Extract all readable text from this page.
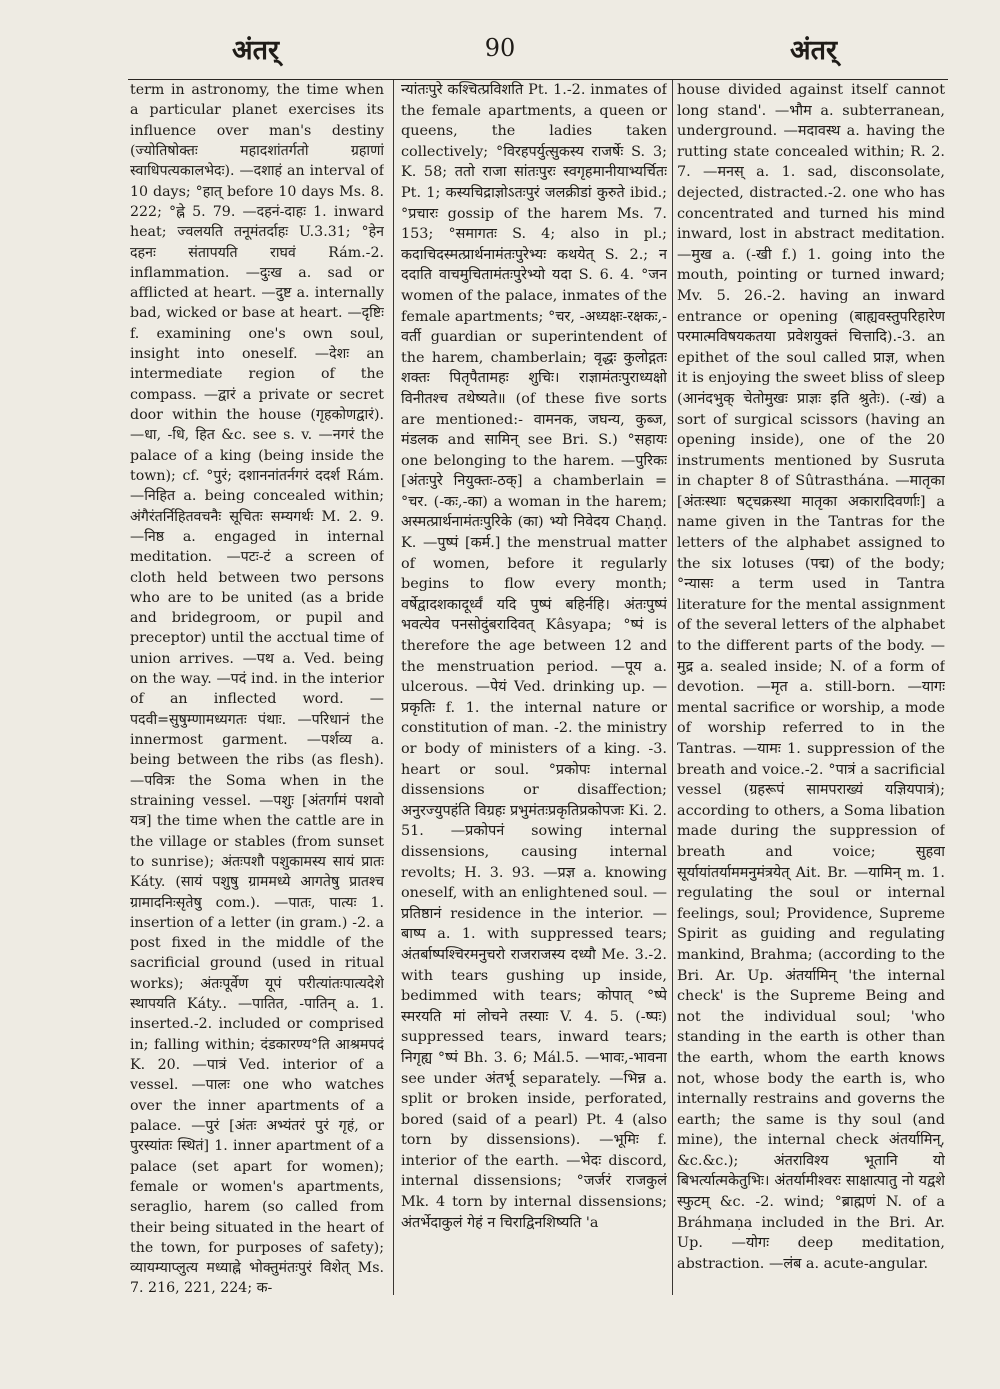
अंतर्	90	अंतर्

term in astronomy, the time when a particular planet exercises its influence over man's destiny (ज्योतिषोक्तः महादशांतर्गतो ग्रहाणां स्वाधिपत्यकालभेदः). —दशाहं an interval of 10 days; °हात् before 10 days Ms. 8. 222; °ह्ने 5. 79. —दहनं-दाहः 1. inward heat; ज्वलयति तनूमंतर्दाहः U.3.31; °हेन दहनः संतापयति राघवं Rám.-2. inflammation. —दुःख a. sad or afflicted at heart. —दुष्ट a. internally bad, wicked or base at heart. —दृष्टिः f. examining one's own soul, insight into oneself. —देशः an intermediate region of the compass. —द्वारं a private or secret door within the house (गृहकोणद्वारं). —धा, -धि, हित &c. see s. v. —नगरं the palace of a king (being inside the town); cf. °पुरं; दशाननांतर्नगरं ददर्श Rám. —निहित a. being concealed within; अंगैरंतर्निहितवचनैः सूचितः सम्यगर्थः M. 2. 9. —निष्ठ a. engaged in internal meditation. —पटः-टं a screen of cloth held between two persons who are to be united (as a bride and bridegroom, or pupil and preceptor) until the acctual time of union arrives. —पथ a. Ved. being on the way. —पदं ind. in the interior of an inflected word. —पदवी=सुषुम्णामध्यगतः पंथाः. —परिधानं the innermost garment. —पर्शव्य a. being between the ribs (as flesh). —पवित्रः the Soma when in the straining vessel. —पशुः [अंतर्गामं पशवो यत्र] the time when the cattle are in the village or stables (from sunset to sunrise); अंतःपशौ पशुकामस्य सायं प्रातः Káty. (सायं पशुषु ग्राममध्ये आगतेषु प्रातश्च ग्रामादनिःसृतेषु com.). —पातः, पात्यः 1. insertion of a letter (in gram.) -2. a post fixed in the middle of the sacrificial ground (used in ritual works); अंतःपूर्वेण यूपं परीत्यांतःपात्यदेशे स्थापयति Káty.. —पातित, -पातिन् a. 1. inserted.-2. included or comprised in; falling within; दंडकारण्य°ति आश्रमपदं K. 20. —पात्रं Ved. interior of a vessel. —पालः one who watches over the inner apartments of a palace. —पुरं [अंतः अभ्यंतरं पुरं गृहं, or पुरस्यांतः स्थितं] 1. inner apartment of a palace (set apart for women); female or women's apartments, seraglio, harem (so called from their being situated in the heart of the town, for purposes of safety); व्यायम्याप्लुत्य मध्याह्ने भोक्तुमंतःपुरं विशेत् Ms. 7. 216, 221, 224; क-

न्यांतःपुरे कश्चित्प्रविशति Pt. 1.-2. inmates of the female apartments, a queen or queens, the ladies taken collectively; °विरहपर्युत्सुकस्य राजर्षेः S. 3; K. 58; ततो राजा सांतःपुरः स्वगृहमानीयाभ्यर्चितः Pt. 1; कस्यचिद्राज्ञोऽतःपुरं जलक्रीडां कुरुते ibid.; °प्रचारः gossip of the harem Ms. 7. 153; °समागतः S. 4; also in pl.; कदाचिदस्मत्प्रार्थनामंतःपुरेभ्यः कथयेत् S. 2.; न ददाति वाचमुचितामंतःपुरेभ्यो यदा S. 6. 4. °जन women of the palace, inmates of the female apartments; °चर, -अध्यक्षः-रक्षकः,-वर्ती guardian or superintendent of the harem, chamberlain; वृद्धः कुलोद्गतः शक्तः पितृपैतामहः शुचिः। राज्ञामंतःपुराध्यक्षो विनीतश्च तथेष्यते॥ (of these five sorts are mentioned:- वामनक, जघन्य, कुब्ज, मंडलक and सामिन् see Bri. S.) °सहायः one belonging to the harem. —पुरिकः [अंतःपुरे नियुक्तः-ठक्] a chamberlain = °चर. (-कः,-का) a woman in the harem; अस्मत्प्रार्थनामंतःपुरिके (का) भ्यो निवेदय Chaṇḍ. K. —पुष्पं [कर्म.] the menstrual matter of women, before it regularly begins to flow every month; वर्षेद्वादशकादूर्ध्वं यदि पुष्पं बहिर्नहि। अंतःपुष्पं भवत्येव पनसोदुंबरादिवत् Kâsyapa; °ष्पं is therefore the age between 12 and the menstruation period. —पूय a. ulcerous. —पेयं Ved. drinking up. —प्रकृतिः f. 1. the internal nature or constitution of man. -2. the ministry or body of ministers of a king. -3. heart or soul. °प्रकोपः internal dissensions or disaffection; अनुरज्युपहंति विग्रहः प्रभुमंतःप्रकृतिप्रकोपजः Ki. 2. 51. —प्रकोपनं sowing internal dissensions, causing internal revolts; H. 3. 93. —प्रज्ञ a. knowing oneself, with an enlightened soul. —प्रतिष्ठानं residence in the interior. —बाष्प a. 1. with suppressed tears; अंतर्बाष्पश्चिरमनुचरो राजराजस्य दध्यौ Me. 3.-2. with tears gushing up inside, bedimmed with tears; कोपात् °ष्पे स्मरयति मां लोचने तस्याः V. 4. 5. (-ष्पः) suppressed tears, inward tears; निगृह्य °ष्पं Bh. 3. 6; Mál.5. —भावः,-भावना see under अंतर्भू separately. —भिन्न a. split or broken inside, perforated, bored (said of a pearl) Pt. 4 (also torn by dissensions). —भूमिः f. interior of the earth. —भेदः discord, internal dissensions; °जर्जरं राजकुलं Mk. 4 torn by internal dissensions; अंतर्भेदाकुलं गेहं न चिराद्विनशिष्यति 'a

house divided against itself cannot long stand'. —भौम a. subterranean, underground. —मदावस्थ a. having the rutting state concealed within; R. 2. 7. —मनस् a. 1. sad, disconsolate, dejected, distracted.-2. one who has concentrated and turned his mind inward, lost in abstract meditation. —मुख a. (-खी f.) 1. going into the mouth, pointing or turned inward; Mv. 5. 26.-2. having an inward entrance or opening (बाह्यवस्तुपरिहारेण परमात्मविषयकतया प्रवेशयुक्तं चित्तादि).-3. an epithet of the soul called प्राज्ञ, when it is enjoying the sweet bliss of sleep (आनंदभुक् चेतोमुखः प्राज्ञः इति श्रुतेः). (-खं) a sort of surgical scissors (having an opening inside), one of the 20 instruments mentioned by Susruta in chapter 8 of Sûtrasthána. —मातृका [अंतःस्थाः षट्चक्रस्था मातृका अकारादिवर्णाः] a name given in the Tantras for the letters of the alphabet assigned to the six lotuses (पद्म) of the body; °न्यासः a term used in Tantra literature for the mental assignment of the several letters of the alphabet to the different parts of the body. —मुद्र a. sealed inside; N. of a form of devotion. —मृत a. still-born. —यागः mental sacrifice or worship, a mode of worship referred to in the Tantras. —यामः 1. suppression of the breath and voice.-2. °पात्रं a sacrificial vessel (ग्रहरूपं सामपराख्यं यज्ञियपात्रं); according to others, a Soma libation made during the suppression of breath and voice; सुहवा सूर्यायांतर्याममनुमंत्रयेत् Ait. Br. —यामिन् m. 1. regulating the soul or internal feelings, soul; Providence, Supreme Spirit as guiding and regulating mankind, Brahma; (according to the Bri. Ar. Up. अंतर्यामिन् 'the internal check' is the Supreme Being and not the individual soul; 'who standing in the earth is other than the earth, whom the earth knows not, whose body the earth is, who internally restrains and governs the earth; the same is thy soul (and mine), the internal check अंतर्यामिन्, &c.&c.); अंतराविश्य भूतानि यो बिभर्त्यात्मकेतुभिः। अंतर्यामीश्वरः साक्षात्पातु नो यद्वशे स्फुटम् &c. -2. wind; °ब्राह्मणं N. of a Bráhmaṇa included in the Bri. Ar. Up. —योगः deep meditation, abstraction. —लंब a. acute-angular.
